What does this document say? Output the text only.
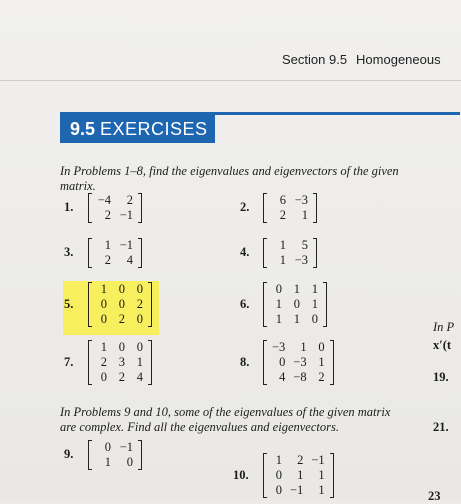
Section 9.5 Homogeneous
9.5 EXERCISES
In Problems 1–8, find the eigenvalues and eigenvectors of the given matrix.
1. −4	2
2	−1
2. 6	−3
2	1
3.	1	−1
2	4
4. 1	5
1	−3
5.
1	0	0
0	0	2
0	2	0
6.
0	1	1
1	0	1
1	1	0
7.
1	0	0
2	3	1
0	2	4
8.
−3	1	0
0	−3	1
4	−8	2
9.	0	−1
1	0
10.
1	2	−1
0	1	1
0	−1	1
In Problems 9 and 10, some of the eigenvalues of the given matrix are complex. Find all the eigenvalues and eigenvectors.
In P
x′(t
19.
21.
23
